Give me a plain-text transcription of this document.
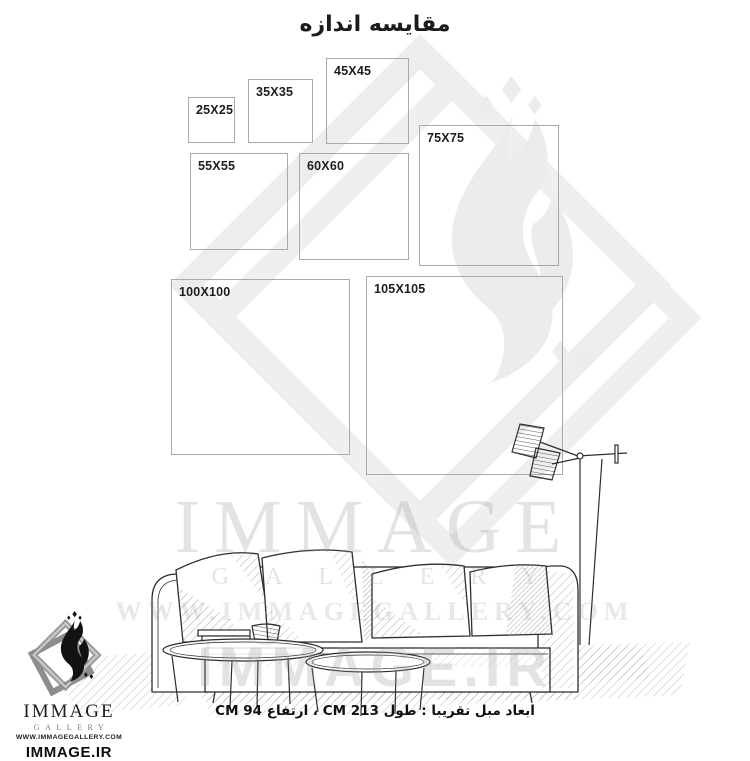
25X25
35X35
45X45
55X55	60X60
75X75
100X100	105X105
IMMAGE
GALLERY
WWW.IMMAGEGALLERY.COM
IMMAGE.IR
مقایسه اندازه
ابعاد مبل تقریبا : طول 213 CM ، ارتفاع 94 CM
IMMAGE
GALLERY
WWW.IMMAGEGALLERY.COM
IMMAGE.IR
